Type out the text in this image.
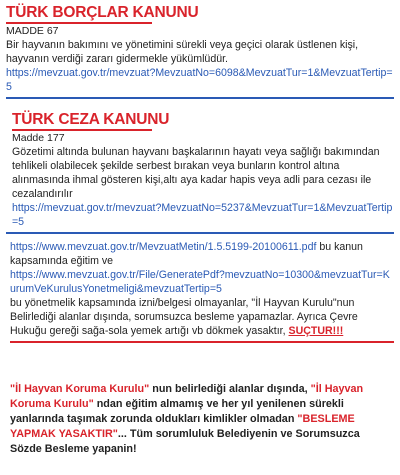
TÜRK BORÇLAR KANUNU
MADDE 67
Bir hayvanın bakımını ve yönetimini sürekli veya geçici olarak üstlenen kişi, hayvanın verdiği zararı gidermekle yükümlüdür.
https://mevzuat.gov.tr/mevzuat?MevzuatNo=6098&MevzuatTur=1&MevzuatTertip=5
TÜRK CEZA KANUNU
Madde 177
Gözetimi altında bulunan hayvanı başkalarının hayatı veya sağlığı bakımından tehlikeli olabilecek şekilde serbest bırakan veya bunların kontrol altına alınmasında ihmal gösteren kişi,altı aya kadar hapis veya adli para cezası ile cezalandırılır
https://mevzuat.gov.tr/mevzuat?MevzuatNo=5237&MevzuatTur=1&MevzuatTertip=5
https://www.mevzuat.gov.tr/MevzuatMetin/1.5.5199-20100611.pdf bu kanun kapsamında eğitim ve
https://www.mevzuat.gov.tr/File/GeneratePdf?mevzuatNo=10300&mevzuatTur=KurumVeKurulusYonetmeligi&mevzuatTertip=5
bu yönetmelik kapsamında izni/belgesi olmayanlar, "İl Hayvan Kurulu"nun Belirlediği alanlar dışında, sorumsuzca besleme yapamazlar. Ayrıca Çevre Hukuğu gereği sağa-sola yemek artığı vb dökmek yasaktır, SUÇTUR!!!
"İl Hayvan Koruma Kurulu" nun belirlediği alanlar dışında, "İl Hayvan Koruma Kurulu" ndan eğitim almamış ve her yıl yenilenen sürekli yanlarında taşımak zorunda oldukları kimlikler olmadan "BESLEME YAPMAK YASAKTIR"... Tüm sorumluluk Belediyenin ve Sorumsuzca Sözde Besleme yapanin!
